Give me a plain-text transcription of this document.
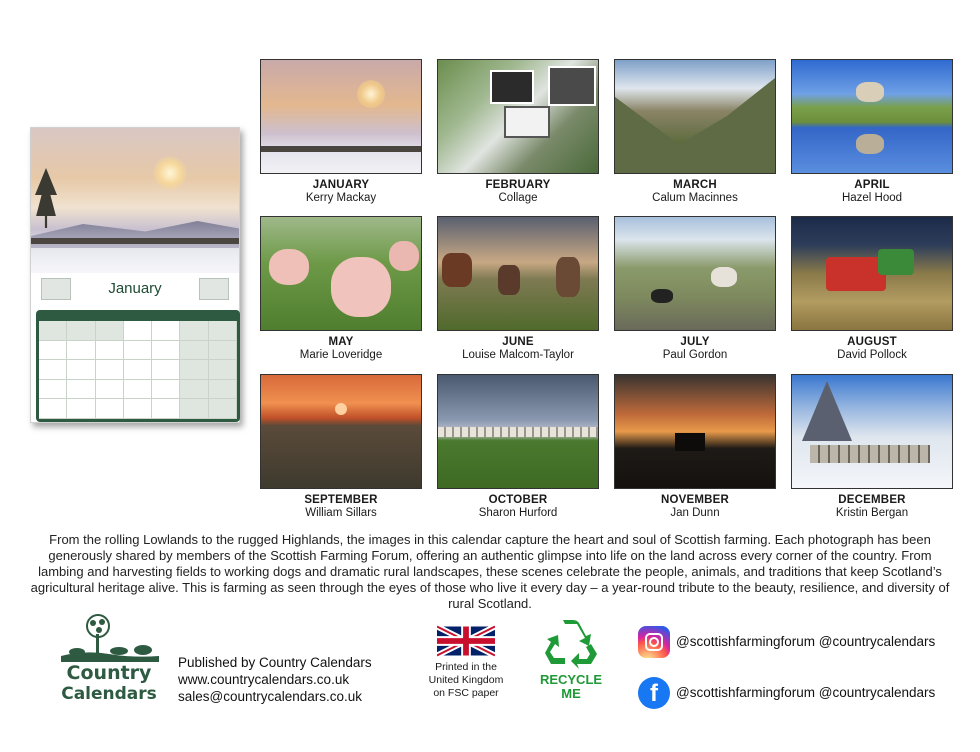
January
JANUARY
Kerry Mackay
FEBRUARY
Collage
MARCH
Calum Macinnes
APRIL
Hazel Hood
MAY
Marie Loveridge
JUNE
Louise Malcom-Taylor
JULY
Paul Gordon
AUGUST
David Pollock
SEPTEMBER
William Sillars
OCTOBER
Sharon Hurford
NOVEMBER
Jan Dunn
DECEMBER
Kristin Bergan
From the rolling Lowlands to the rugged Highlands, the images in this calendar capture the heart and soul of Scottish farming. Each photograph has been generously shared by members of the Scottish Farming Forum, offering an authentic glimpse into life on the land across every corner of the country. From lambing and harvesting fields to working dogs and dramatic rural landscapes, these scenes celebrate the people, animals, and traditions that keep Scotland’s agricultural heritage alive. This is farming as seen through the eyes of those who live it every day – a year-round tribute to the beauty, resilience, and diversity of rural Scotland.
Country
Calendars
Published by Country Calendars
www.countrycalendars.co.uk
sales@countrycalendars.co.uk
Printed in the
United Kingdom
on FSC paper
RECYCLE
ME
@scottishfarmingforum @countrycalendars
f	@scottishfarmingforum @countrycalendars
